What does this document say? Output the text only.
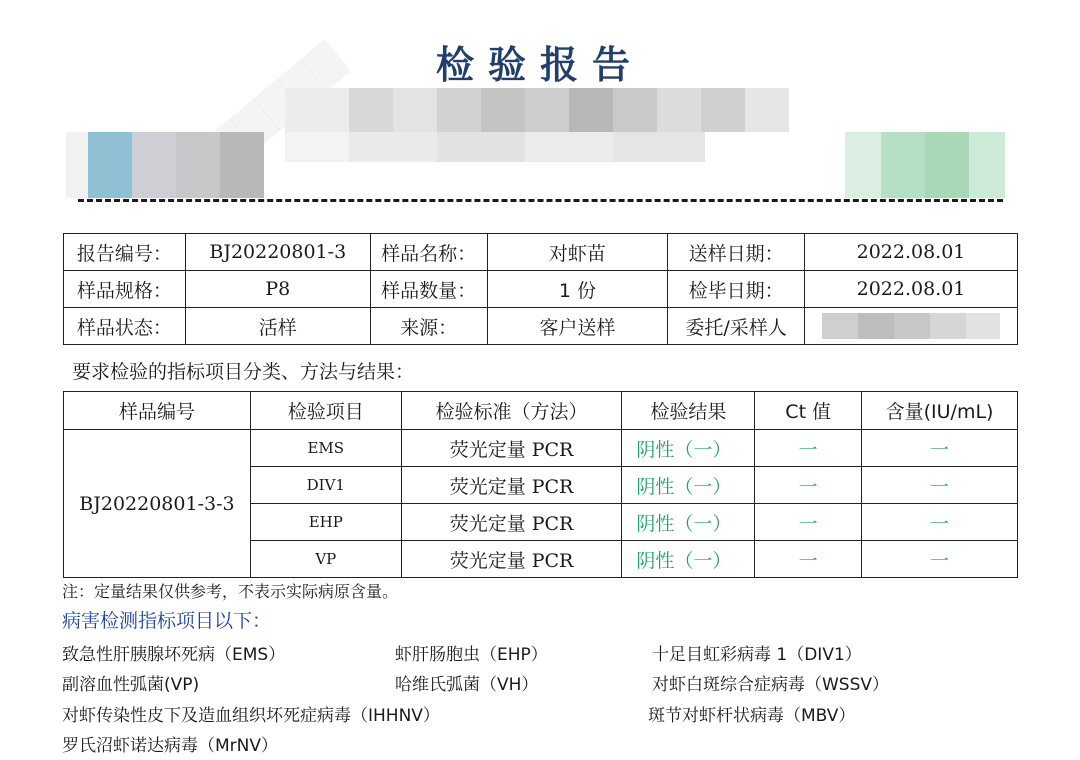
▇▇▇▇▇	检验报告
报告编号：	BJ20220801-3	样品名称：	对虾苗	送样日期：	2022.08.01
样品规格：	P8	样品数量：	1 份	检毕日期：	2022.08.01
样品状态：	活样	来源：	客户送样	委托/采样人	
要求检验的指标项目分类、方法与结果：
样品编号	检验项目	检验标准（方法）	检验结果	Ct 值	含量(IU/mL)
BJ20220801-3-3	EMS	荧光定量 PCR	阴性（一）	一	一
	DIV1	荧光定量 PCR	阴性（一）	一	一
	EHP	荧光定量 PCR	阴性（一）	一	一
	VP	荧光定量 PCR	阴性（一）	一	一
注：定量结果仅供参考，不表示实际病原含量。
病害检测指标项目以下：
致急性肝胰腺坏死病（EMS）	虾肝肠胞虫（EHP）	十足目虹彩病毒 1（DIV1）
副溶血性弧菌(VP)	哈维氏弧菌（VH）	对虾白斑综合症病毒（WSSV）
对虾传染性皮下及造血组织坏死症病毒（IHHNV）	斑节对虾杆状病毒（MBV）
罗氏沼虾诺达病毒（MrNV）
